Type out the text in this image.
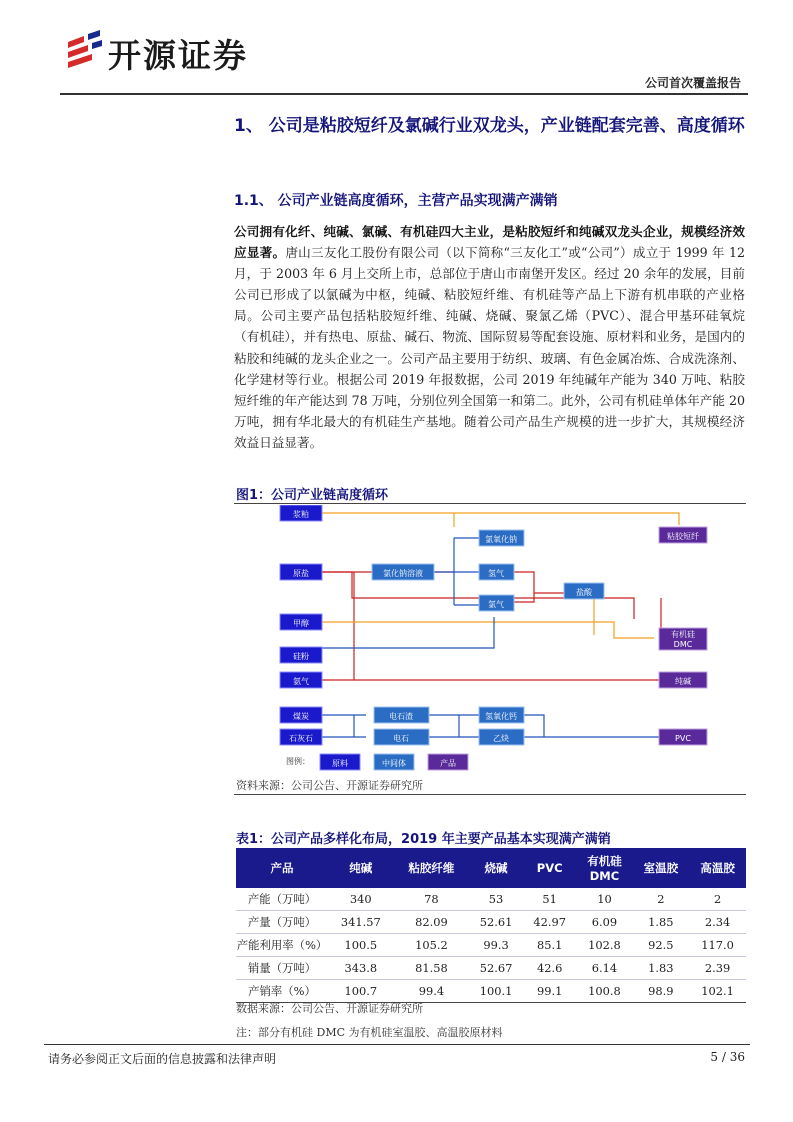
开源证券
公司首次覆盖报告
1、 公司是粘胶短纤及氯碱行业双龙头，产业链配套完善、高度循环
1.1、 公司产业链高度循环，主营产品实现满产满销
公司拥有化纤、纯碱、氯碱、有机硅四大主业，是粘胶短纤和纯碱双龙头企业，规模经济效应显著。唐山三友化工股份有限公司（以下简称“三友化工”或“公司”）成立于 1999 年 12 月，于 2003 年 6 月上交所上市，总部位于唐山市南堡开发区。经过 20 余年的发展，目前公司已形成了以氯碱为中枢，纯碱、粘胶短纤维、有机硅等产品上下游有机串联的产业格局。公司主要产品包括粘胶短纤维、纯碱、烧碱、聚氯乙烯（PVC）、混合甲基环硅氧烷（有机硅），并有热电、原盐、碱石、物流、国际贸易等配套设施、原材料和业务，是国内的粘胶和纯碱的龙头企业之一。公司产品主要用于纺织、玻璃、有色金属冶炼、合成洗涤剂、化学建材等行业。根据公司 2019 年报数据，公司 2019 年纯碱年产能为 340 万吨、粘胶短纤维的年产能达到 78 万吨，分别位列全国第一和第二。此外，公司有机硅单体年产能 20 万吨，拥有华北最大的有机硅生产基地。随着公司产品生产规模的进一步扩大，其规模经济效益日益显著。
图1：公司产业链高度循环
浆粕
原盐
甲醇
硅粉
氨气
煤炭
石灰石
氯化钠溶液
氯氧化钠
氢气
氯气
盐酸
电石渣
电石
氢氧化钙
乙炔
粘胶短纤
有机硅
DMC
纯碱
PVC
图例：	原料	中间体	产品
资料来源：公司公告、开源证券研究所
表1：公司产品多样化布局，2019 年主要产品基本实现满产满销
产品	纯碱	粘胶纤维	烧碱	PVC	有机硅 DMC	室温胶	高温胶
产能（万吨）	340	78	53	51	10	2	2
产量（万吨）	341.57	82.09	52.61	42.97	6.09	1.85	2.34
产能利用率（%）	100.5	105.2	99.3	85.1	102.8	92.5	117.0
销量（万吨）	343.8	81.58	52.67	42.6	6.14	1.83	2.39
产销率（%）	100.7	99.4	100.1	99.1	100.8	98.9	102.1
数据来源：公司公告、开源证券研究所
注：部分有机硅 DMC 为有机硅室温胶、高温胶原材料
请务必参阅正文后面的信息披露和法律声明	5 / 36
